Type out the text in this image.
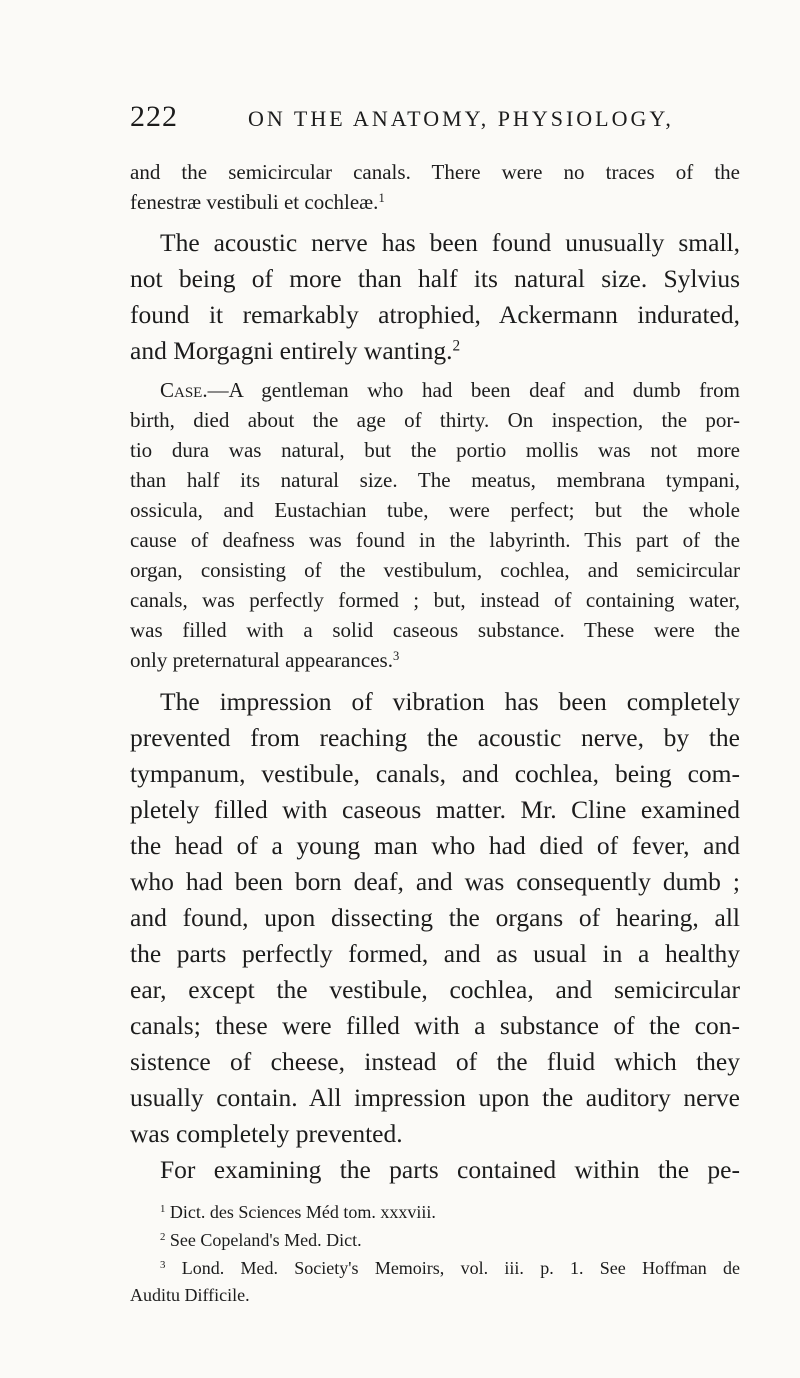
222	ON THE ANATOMY, PHYSIOLOGY,
and the semicircular canals. There were no traces of the
fenestræ vestibuli et cochleæ.$^1$
The acoustic nerve has been found unusually small,
not being of more than half its natural size. Sylvius
found it remarkably atrophied, Ackermann indurated,
and Morgagni entirely wanting.$^2$
Case.—A gentleman who had been deaf and dumb from
birth, died about the age of thirty. On inspection, the por-
tio dura was natural, but the portio mollis was not more
than half its natural size. The meatus, membrana tympani,
ossicula, and Eustachian tube, were perfect; but the whole
cause of deafness was found in the labyrinth. This part of the
organ, consisting of the vestibulum, cochlea, and semicircular
canals, was perfectly formed ; but, instead of containing water,
was filled with a solid caseous substance. These were the
only preternatural appearances.$^3$
The impression of vibration has been completely
prevented from reaching the acoustic nerve, by the
tympanum, vestibule, canals, and cochlea, being com-
pletely filled with caseous matter. Mr. Cline examined
the head of a young man who had died of fever, and
who had been born deaf, and was consequently dumb ;
and found, upon dissecting the organs of hearing, all
the parts perfectly formed, and as usual in a healthy
ear, except the vestibule, cochlea, and semicircular
canals; these were filled with a substance of the con-
sistence of cheese, instead of the fluid which they
usually contain. All impression upon the auditory nerve
was completely prevented.
For examining the parts contained within the pe-
$^1$ Dict. des Sciences Méd tom. xxxviii.
$^2$ See Copeland's Med. Dict.
$^3$ Lond. Med. Society's Memoirs, vol. iii. p. 1. See Hoffman de
Auditu Difficile.
